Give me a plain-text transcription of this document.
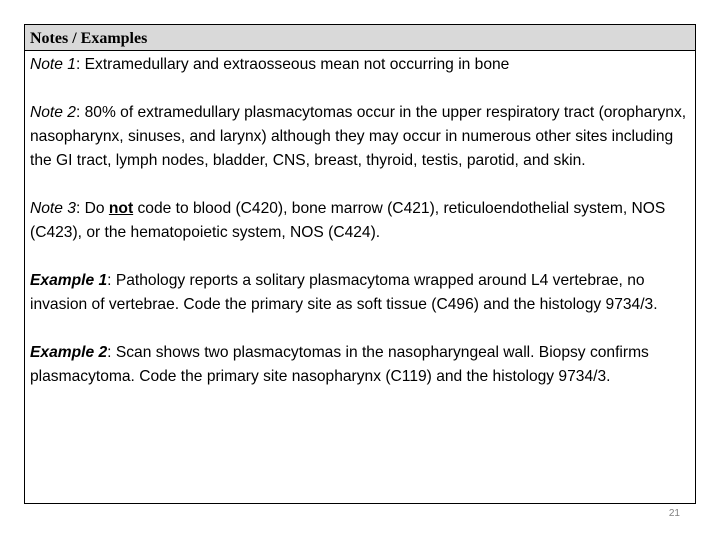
Notes / Examples

Note 1: Extramedullary and extraosseous mean not occurring in bone

Note 2: 80% of extramedullary plasmacytomas occur in the upper respiratory tract (oropharynx, nasopharynx, sinuses, and larynx) although they may occur in numerous other sites including the GI tract, lymph nodes, bladder, CNS, breast, thyroid, testis, parotid, and skin.

Note 3: Do not code to blood (C420), bone marrow (C421), reticuloendothelial system, NOS (C423), or the hematopoietic system, NOS (C424).

Example 1: Pathology reports a solitary plasmacytoma wrapped around L4 vertebrae, no invasion of vertebrae. Code the primary site as soft tissue (C496) and the histology 9734/3.

Example 2: Scan shows two plasmacytomas in the nasopharyngeal wall. Biopsy confirms plasmacytoma. Code the primary site nasopharynx (C119) and the histology 9734/3.

21
